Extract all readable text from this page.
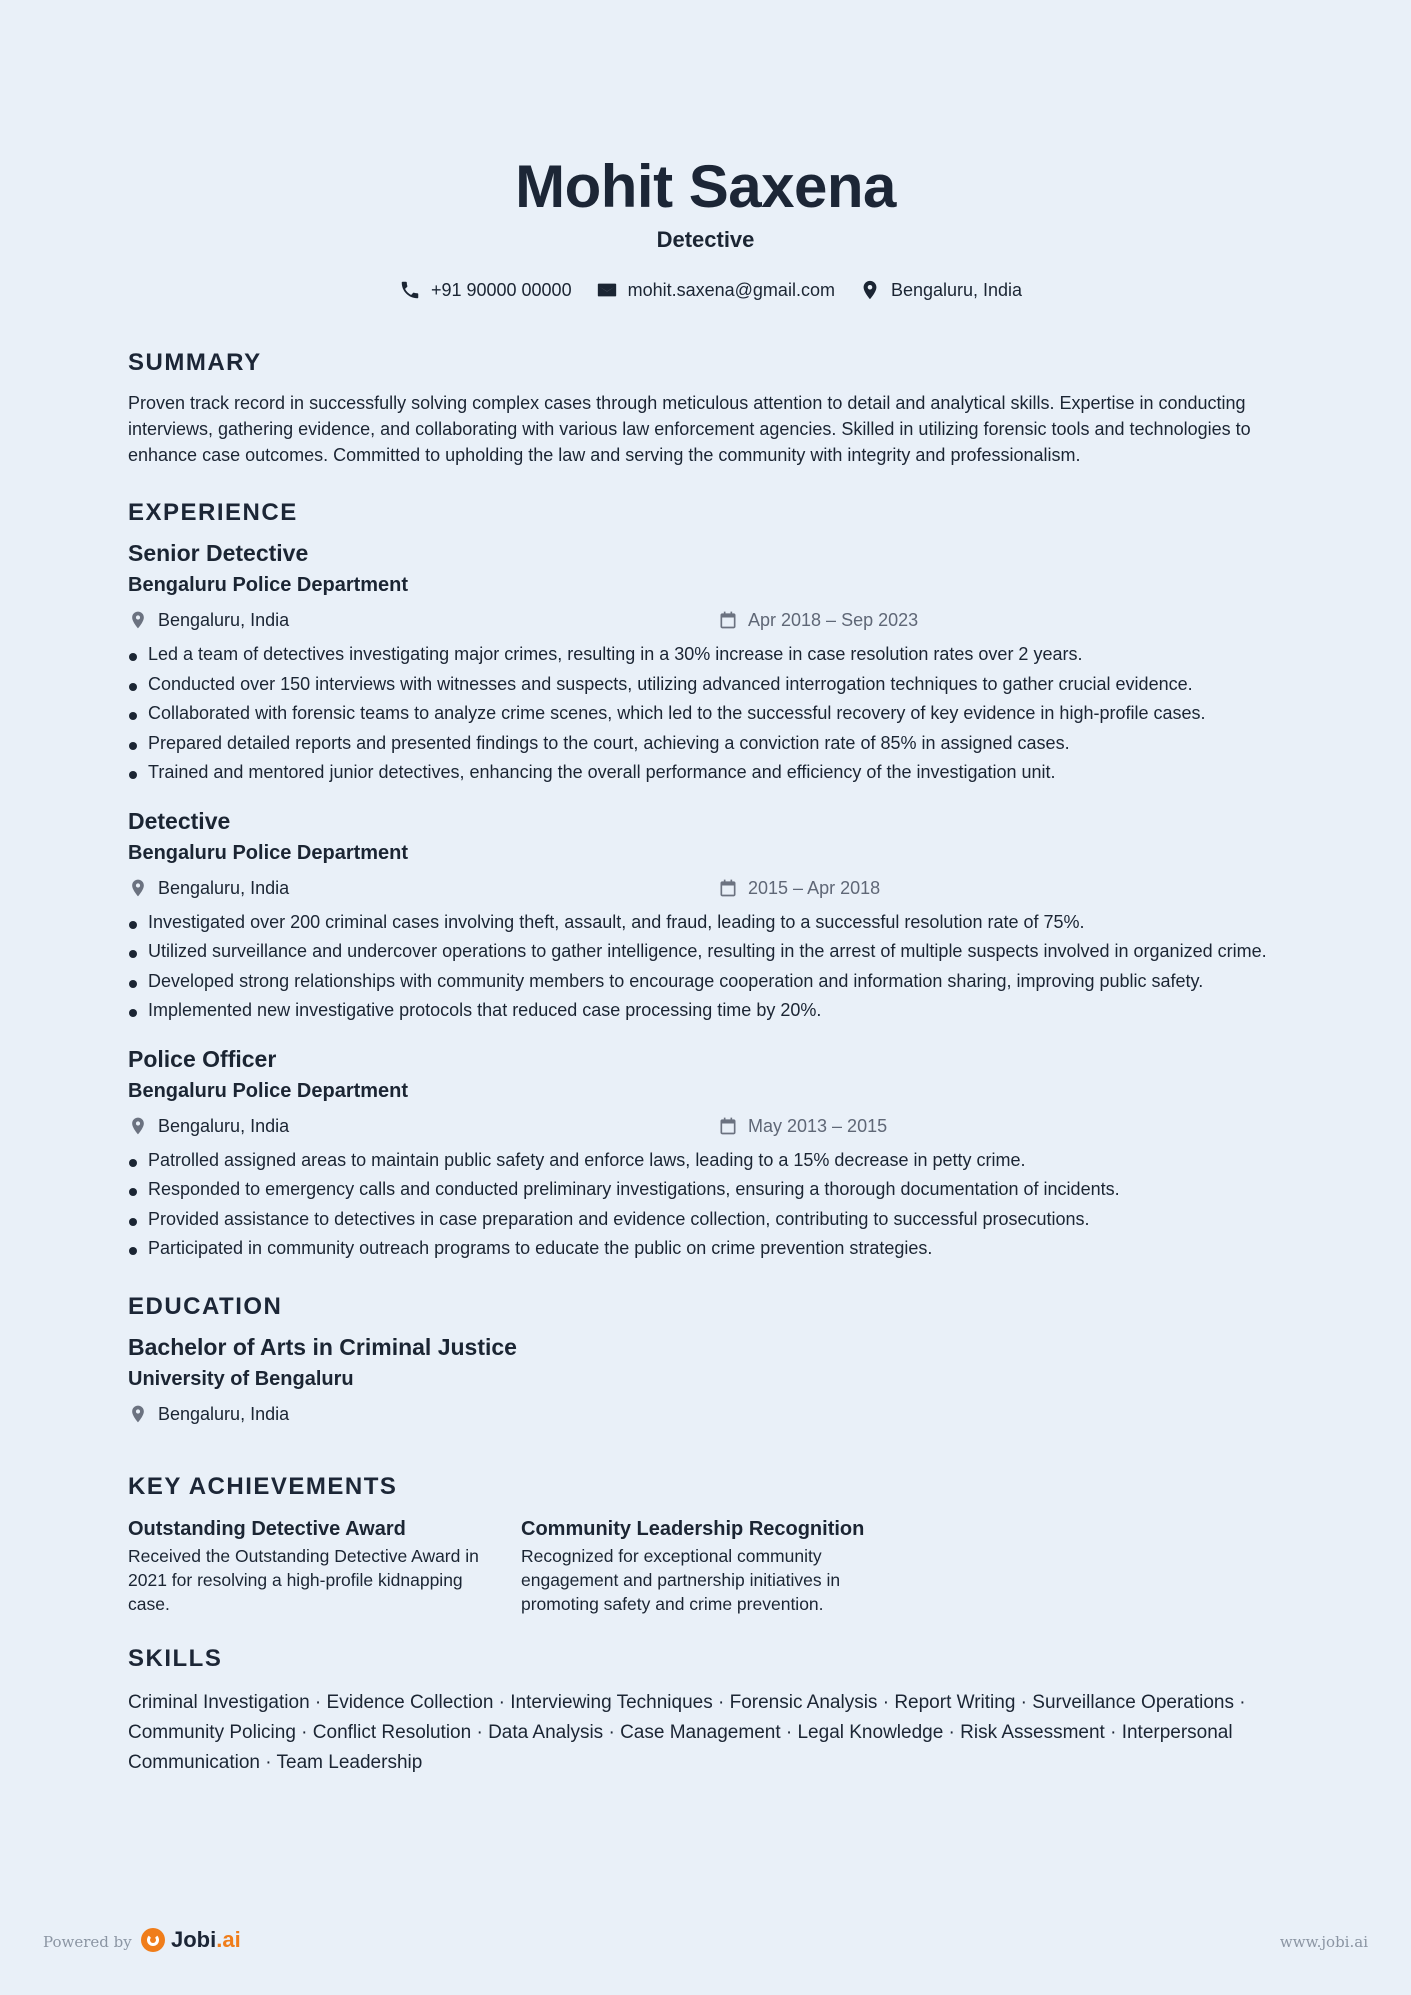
Mohit Saxena
Detective
+91 90000 00000	mohit.saxena@gmail.com	Bengaluru, India
SUMMARY
Proven track record in successfully solving complex cases through meticulous attention to detail and analytical skills. Expertise in conducting interviews, gathering evidence, and collaborating with various law enforcement agencies. Skilled in utilizing forensic tools and technologies to enhance case outcomes. Committed to upholding the law and serving the community with integrity and professionalism.
EXPERIENCE
Senior Detective
Bengaluru Police Department
Bengaluru, India	Apr 2018 – Sep 2023
Led a team of detectives investigating major crimes, resulting in a 30% increase in case resolution rates over 2 years.
Conducted over 150 interviews with witnesses and suspects, utilizing advanced interrogation techniques to gather crucial evidence.
Collaborated with forensic teams to analyze crime scenes, which led to the successful recovery of key evidence in high-profile cases.
Prepared detailed reports and presented findings to the court, achieving a conviction rate of 85% in assigned cases.
Trained and mentored junior detectives, enhancing the overall performance and efficiency of the investigation unit.
Detective
Bengaluru Police Department
Bengaluru, India	2015 – Apr 2018
Investigated over 200 criminal cases involving theft, assault, and fraud, leading to a successful resolution rate of 75%.
Utilized surveillance and undercover operations to gather intelligence, resulting in the arrest of multiple suspects involved in organized crime.
Developed strong relationships with community members to encourage cooperation and information sharing, improving public safety.
Implemented new investigative protocols that reduced case processing time by 20%.
Police Officer
Bengaluru Police Department
Bengaluru, India	May 2013 – 2015
Patrolled assigned areas to maintain public safety and enforce laws, leading to a 15% decrease in petty crime.
Responded to emergency calls and conducted preliminary investigations, ensuring a thorough documentation of incidents.
Provided assistance to detectives in case preparation and evidence collection, contributing to successful prosecutions.
Participated in community outreach programs to educate the public on crime prevention strategies.
EDUCATION
Bachelor of Arts in Criminal Justice
University of Bengaluru
Bengaluru, India
KEY ACHIEVEMENTS
Outstanding Detective Award
Received the Outstanding Detective Award in 2021 for resolving a high-profile kidnapping case.
Community Leadership Recognition
Recognized for exceptional community engagement and partnership initiatives in promoting safety and crime prevention.
SKILLS
Criminal Investigation · Evidence Collection · Interviewing Techniques · Forensic Analysis · Report Writing · Surveillance Operations · Community Policing · Conflict Resolution · Data Analysis · Case Management · Legal Knowledge · Risk Assessment · Interpersonal Communication · Team Leadership
Powered by Jobi.ai	www.jobi.ai
